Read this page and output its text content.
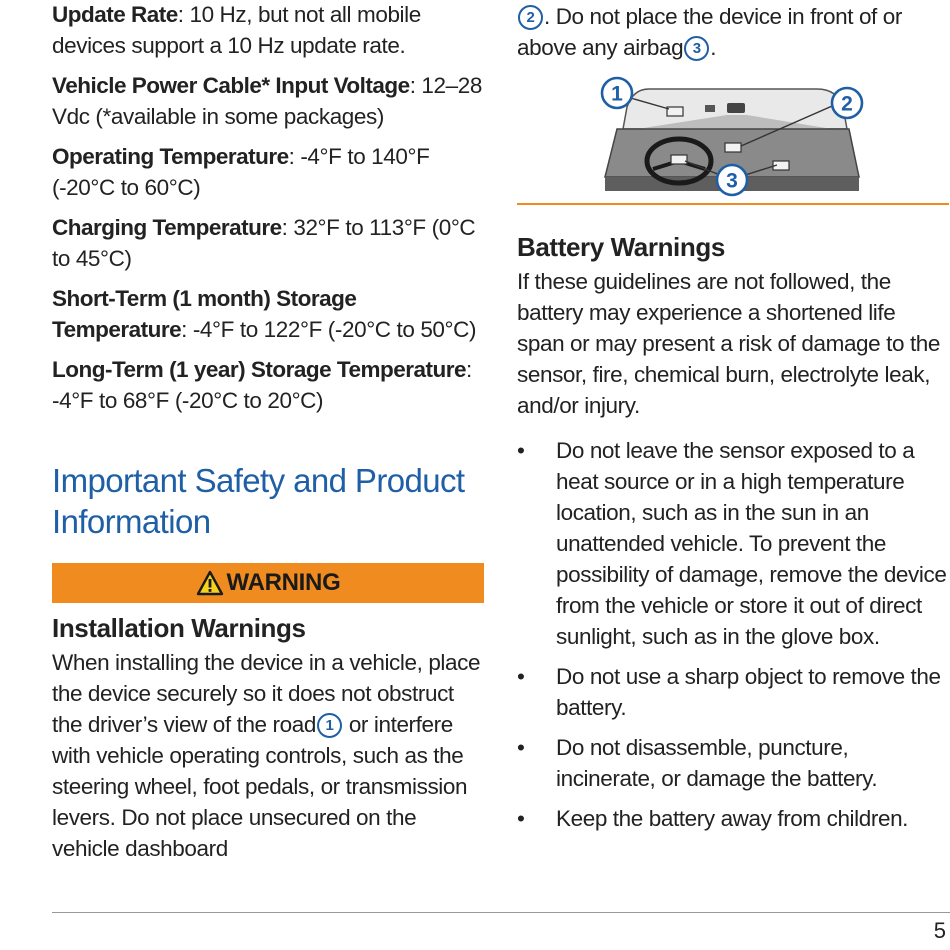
Update Rate: 10 Hz, but not all mobile devices support a 10 Hz update rate.

Vehicle Power Cable* Input Voltage: 12–28 Vdc (*available in some packages)

Operating Temperature: -4°F to 140°F (-20°C to 60°C)

Charging Temperature: 32°F to 113°F (0°C to 45°C)

Short-Term (1 month) Storage Temperature: -4°F to 122°F (-20°C to 50°C)

Long-Term (1 year) Storage Temperature: -4°F to 68°F (-20°C to 20°C)

Important Safety and Product Information
WARNING
Installation Warnings

When installing the device in a vehicle, place the device securely so it does not obstruct the driver’s view of the road 1 or interfere with vehicle operating controls, such as the steering wheel, foot pedals, or transmission levers. Do not place unsecured on the vehicle dashboard

2 . Do not place the device in front of or above any airbag 3 .

1	2
3
Battery Warnings

If these guidelines are not followed, the battery may experience a shortened life span or may present a risk of damage to the sensor, fire, chemical burn, electrolyte leak, and/or injury.

• Do not leave the sensor exposed to a heat source or in a high temperature location, such as in the sun in an unattended vehicle. To prevent the possibility of damage, remove the device from the vehicle or store it out of direct sunlight, such as in the glove box.
• Do not use a sharp object to remove the battery.
• Do not disassemble, puncture, incinerate, or damage the battery.
• Keep the battery away from children.
5
